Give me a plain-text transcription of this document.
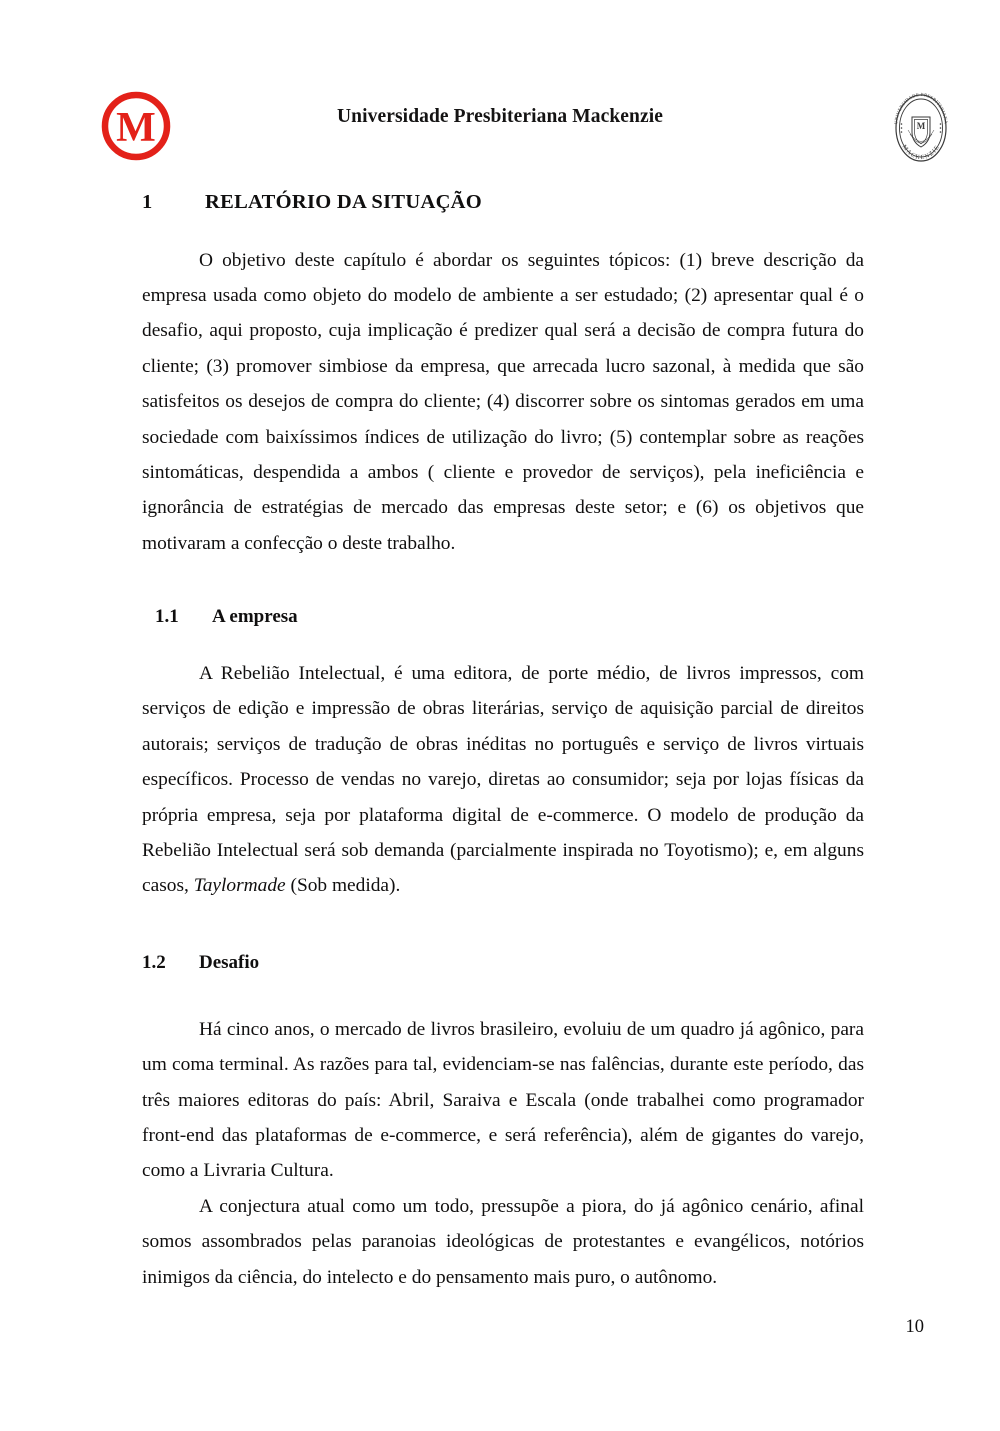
M	Universidade Presbiteriana Mackenzie	UNIVERSIDADE PRESBITERIANA
MACKENZIE
M
1	RELATÓRIO DA SITUAÇÃO

O objetivo deste capítulo é abordar os seguintes tópicos: (1) breve descrição da empresa usada como objeto do modelo de ambiente a ser estudado; (2) apresentar qual é o desafio, aqui proposto, cuja implicação é predizer qual será a decisão de compra futura do cliente; (3) promover simbiose da empresa, que arrecada lucro sazonal, à medida que são satisfeitos os desejos de compra do cliente; (4) discorrer sobre os sintomas gerados em uma sociedade com baixíssimos índices de utilização do livro; (5) contemplar sobre as reações sintomáticas, despendida a ambos ( cliente e provedor de serviços), pela ineficiência e ignorância de estratégias de mercado das empresas deste setor; e (6) os objetivos que motivaram a confecção o deste trabalho.

1.1	A empresa

A Rebelião Intelectual, é uma editora, de porte médio, de livros impressos, com serviços de edição e impressão de obras literárias, serviço de aquisição parcial de direitos autorais; serviços de tradução de obras inéditas no português e serviço de livros virtuais específicos. Processo de vendas no varejo, diretas ao consumidor; seja por lojas físicas da própria empresa, seja por plataforma digital de e-commerce. O modelo de produção da Rebelião Intelectual será sob demanda (parcialmente inspirada no Toyotismo); e, em alguns casos, Taylormade (Sob medida).

1.2	Desafio

Há cinco anos, o mercado de livros brasileiro, evoluiu de um quadro já agônico, para um coma terminal. As razões para tal, evidenciam-se nas falências, durante este período, das três maiores editoras do país: Abril, Saraiva e Escala (onde trabalhei como programador front-end das plataformas de e-commerce, e será referência), além de gigantes do varejo, como a Livraria Cultura.

A conjectura atual como um todo, pressupõe a piora, do já agônico cenário, afinal somos assombrados pelas paranoias ideológicas de protestantes e evangélicos, notórios inimigos da ciência, do intelecto e do pensamento mais puro, o autônomo.

10
